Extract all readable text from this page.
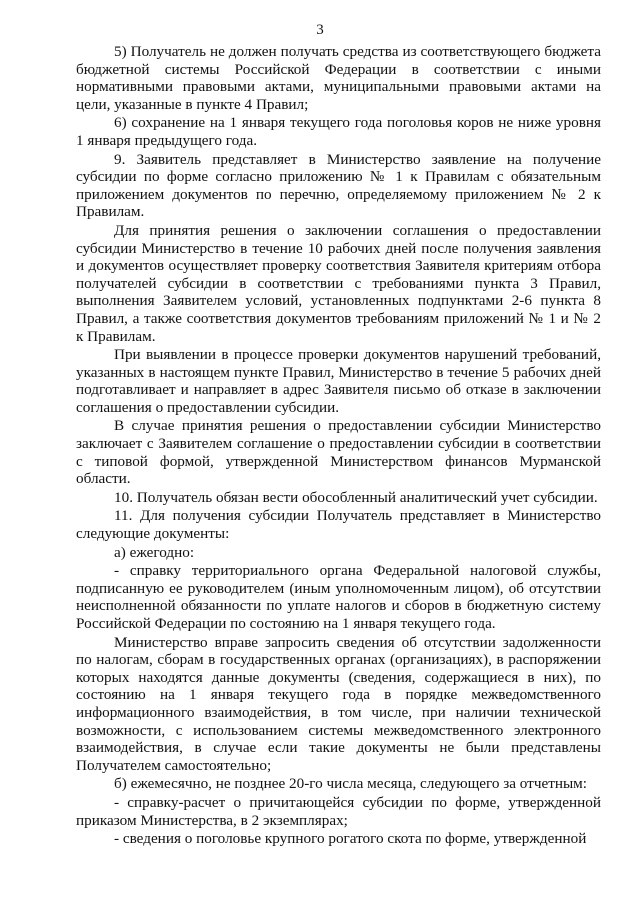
3

5) Получатель не должен получать средства из соответствующего бюджета бюджетной системы Российской Федерации в соответствии с иными нормативными правовыми актами, муниципальными правовыми актами на цели, указанные в пункте 4 Правил;

6) сохранение на 1 января текущего года поголовья коров не ниже уровня 1 января предыдущего года.

9. Заявитель представляет в Министерство заявление на получение субсидии по форме согласно приложению № 1 к Правилам с обязательным приложением документов по перечню, определяемому приложением № 2 к Правилам.

Для принятия решения о заключении соглашения о предоставлении субсидии Министерство в течение 10 рабочих дней после получения заявления и документов осуществляет проверку соответствия Заявителя критериям отбора получателей субсидии в соответствии с требованиями пункта 3 Правил, выполнения Заявителем условий, установленных подпунктами 2-6 пункта 8 Правил, а также соответствия документов требованиям приложений № 1 и № 2 к Правилам.

При выявлении в процессе проверки документов нарушений требований, указанных в настоящем пункте Правил, Министерство в течение 5 рабочих дней подготавливает и направляет в адрес Заявителя письмо об отказе в заключении соглашения о предоставлении субсидии.

В случае принятия решения о предоставлении субсидии Министерство заключает с Заявителем соглашение о предоставлении субсидии в соответствии с типовой формой, утвержденной Министерством финансов Мурманской области.

10. Получатель обязан вести обособленный аналитический учет субсидии.

11. Для получения субсидии Получатель представляет в Министерство следующие документы:

а) ежегодно:

- справку территориального органа Федеральной налоговой службы, подписанную ее руководителем (иным уполномоченным лицом), об отсутствии неисполненной обязанности по уплате налогов и сборов в бюджетную систему Российской Федерации по состоянию на 1 января текущего года.

Министерство вправе запросить сведения об отсутствии задолженности по налогам, сборам в государственных органах (организациях), в распоряжении которых находятся данные документы (сведения, содержащиеся в них), по состоянию на 1 января текущего года в порядке межведомственного информационного взаимодействия, в том числе, при наличии технической возможности, с использованием системы межведомственного электронного взаимодействия, в случае если такие документы не были представлены Получателем самостоятельно;

б) ежемесячно, не позднее 20-го числа месяца, следующего за отчетным:

- справку-расчет о причитающейся субсидии по форме, утвержденной приказом Министерства, в 2 экземплярах;

- сведения о поголовье крупного рогатого скота по форме, утвержденной
